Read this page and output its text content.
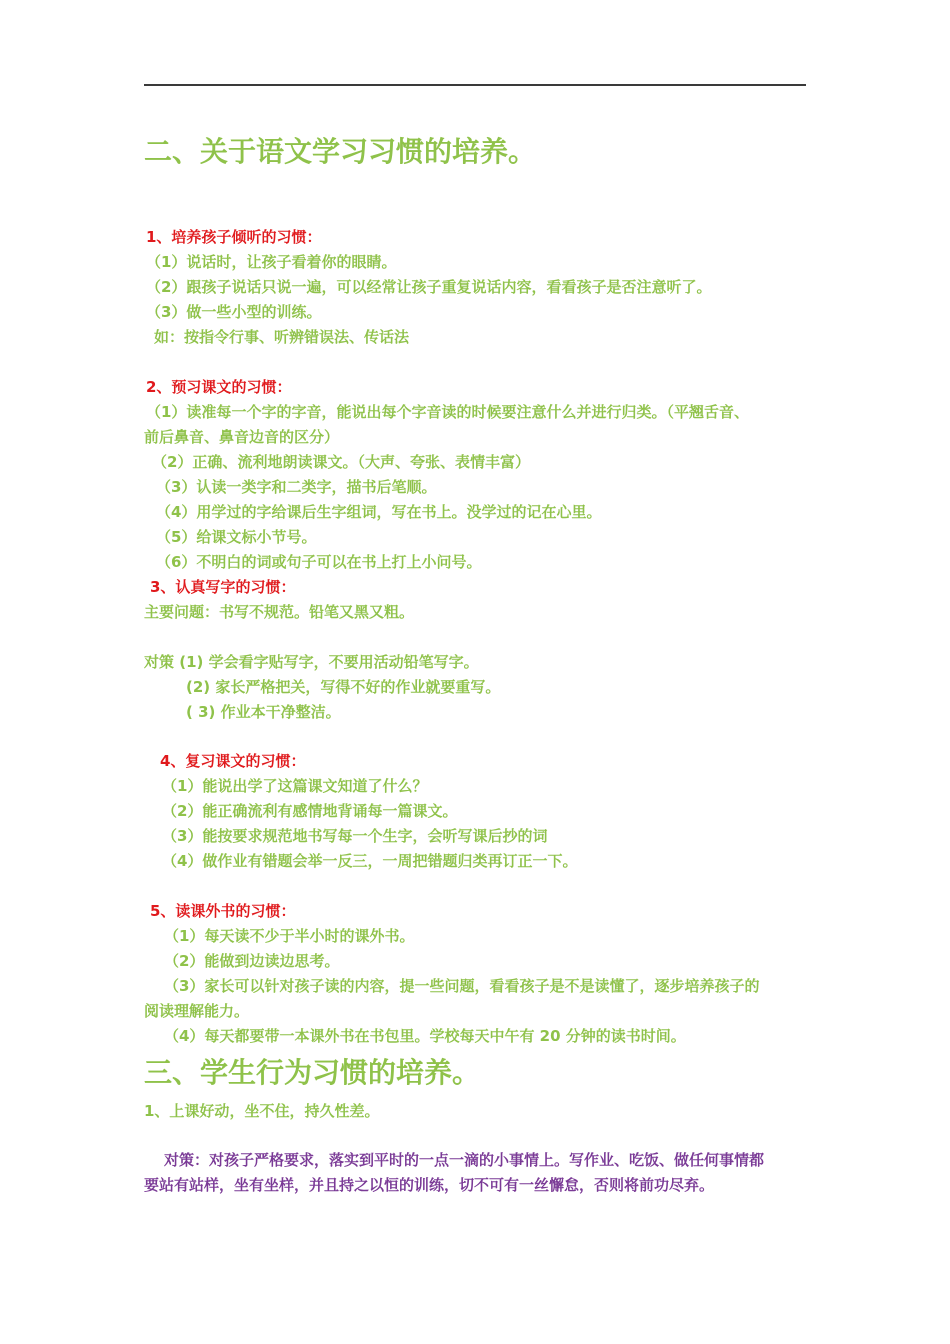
二、关于语文学习习惯的培养。
1、培养孩子倾听的习惯：
（1）说话时，让孩子看着你的眼睛。
（2）跟孩子说话只说一遍，可以经常让孩子重复说话内容，看看孩子是否注意听了。
（3）做一些小型的训练。
如：按指令行事、听辨错误法、传话法
2、预习课文的习惯：
（1）读准每一个字的字音，能说出每个字音读的时候要注意什么并进行归类。（平翘舌音、
前后鼻音、鼻音边音的区分）
（2）正确、流利地朗读课文。（大声、夸张、表情丰富）
（3）认读一类字和二类字，描书后笔顺。
（4）用学过的字给课后生字组词，写在书上。没学过的记在心里。
（5）给课文标小节号。
（6）不明白的词或句子可以在书上打上小问号。
3、认真写字的习惯：
主要问题：书写不规范。铅笔又黑又粗。
对策 (1) 学会看字贴写字，不要用活动铅笔写字。
(2) 家长严格把关，写得不好的作业就要重写。
( 3) 作业本干净整洁。
4、复习课文的习惯：
（1）能说出学了这篇课文知道了什么？
（2）能正确流利有感情地背诵每一篇课文。
（3）能按要求规范地书写每一个生字，会听写课后抄的词
（4）做作业有错题会举一反三，一周把错题归类再订正一下。
5、读课外书的习惯：
（1）每天读不少于半小时的课外书。
（2）能做到边读边思考。
（3）家长可以针对孩子读的内容，提一些问题，看看孩子是不是读懂了，逐步培养孩子的
阅读理解能力。
（4）每天都要带一本课外书在书包里。学校每天中午有 20 分钟的读书时间。
三、学生行为习惯的培养。
1、上课好动，坐不住，持久性差。
对策：对孩子严格要求，落实到平时的一点一滴的小事情上。写作业、吃饭、做任何事情都
要站有站样，坐有坐样，并且持之以恒的训练，切不可有一丝懈怠，否则将前功尽弃。
